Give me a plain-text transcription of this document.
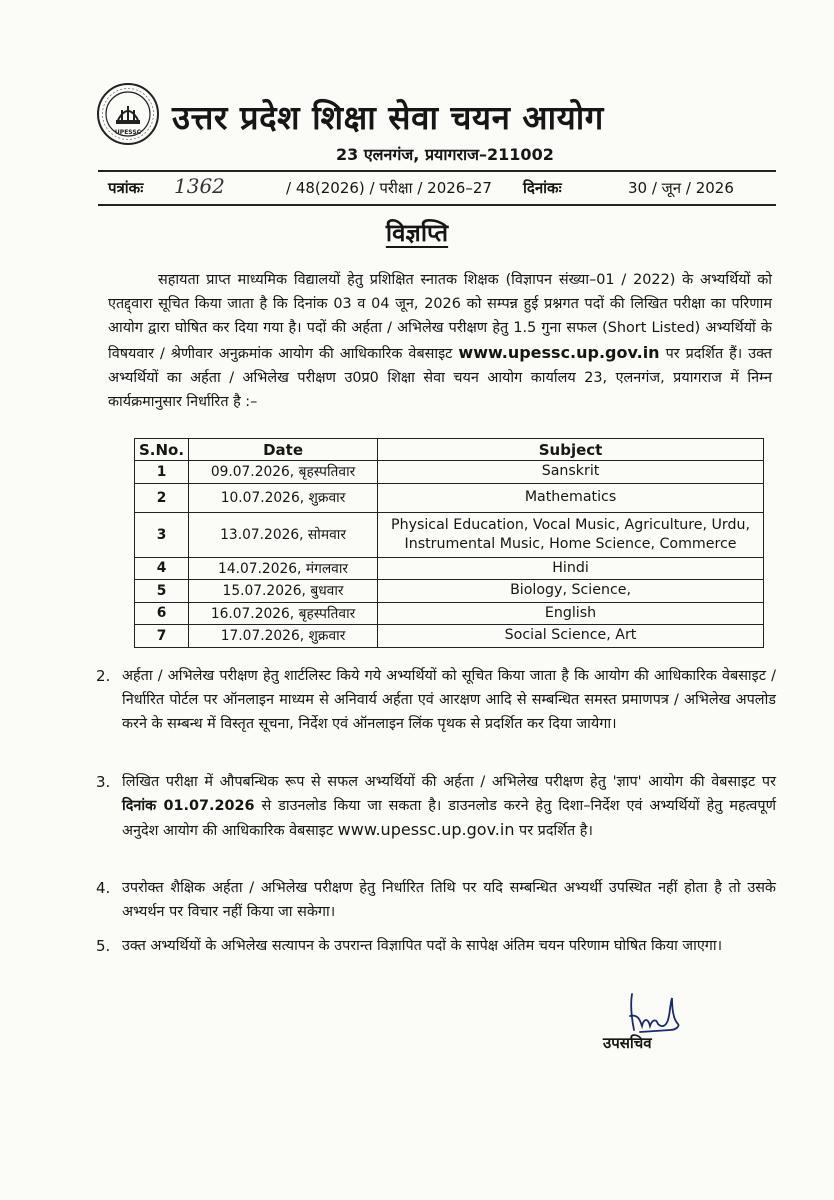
UPESSC उत्तर प्रदेश शिक्षा सेवा चयन आयोग
23 एलनगंज, प्रयागराज–211002
पत्रांकः 1362	/ 48(2026) / परीक्षा / 2026–27 दिनांकः	30 / जून / 2026
विज्ञप्ति
सहायता प्राप्त माध्यमिक विद्यालयों हेतु प्रशिक्षित स्नातक शिक्षक (विज्ञापन संख्या–01 / 2022) के अभ्यर्थियों को एतद्द्वारा सूचित किया जाता है कि दिनांक 03 व 04 जून, 2026 को सम्पन्न हुई प्रश्नगत पदों की लिखित परीक्षा का परिणाम आयोग द्वारा घोषित कर दिया गया है। पदों की अर्हता / अभिलेख परीक्षण हेतु 1.5 गुना सफल (Short Listed) अभ्यर्थियों के विषयवार / श्रेणीवार अनुक्रमांक आयोग की आधिकारिक वेबसाइट www.upessc.up.gov.in पर प्रदर्शित हैं। उक्त अभ्यर्थियों का अर्हता / अभिलेख परीक्षण उ0प्र0 शिक्षा सेवा चयन आयोग कार्यालय 23, एलनगंज, प्रयागराज में निम्न कार्यक्रमानुसार निर्धारित है :–
S.No.	Date	Subject
1	09.07.2026, बृहस्पतिवार	Sanskrit
2	10.07.2026, शुक्रवार	Mathematics
3	13.07.2026, सोमवार	Physical Education, Vocal Music, Agriculture, Urdu, Instrumental Music, Home Science, Commerce
4	14.07.2026, मंगलवार	Hindi
5	15.07.2026, बुधवार	Biology, Science,
6	16.07.2026, बृहस्पतिवार	English
7	17.07.2026, शुक्रवार	Social Science, Art
2. अर्हता / अभिलेख परीक्षण हेतु शार्टलिस्ट किये गये अभ्यर्थियों को सूचित किया जाता है कि आयोग की आधिकारिक वेबसाइट / निर्धारित पोर्टल पर ऑनलाइन माध्यम से अनिवार्य अर्हता एवं आरक्षण आदि से सम्बन्धित समस्त प्रमाणपत्र / अभिलेख अपलोड करने के सम्बन्ध में विस्तृत सूचना, निर्देश एवं ऑनलाइन लिंक पृथक से प्रदर्शित कर दिया जायेगा।
3. लिखित परीक्षा में औपबन्धिक रूप से सफल अभ्यर्थियों की अर्हता / अभिलेख परीक्षण हेतु 'ज्ञाप' आयोग की वेबसाइट पर दिनांक 01.07.2026 से डाउनलोड किया जा सकता है। डाउनलोड करने हेतु दिशा–निर्देश एवं अभ्यर्थियों हेतु महत्वपूर्ण अनुदेश आयोग की आधिकारिक वेबसाइट www.upessc.up.gov.in पर प्रदर्शित है।
4. उपरोक्त शैक्षिक अर्हता / अभिलेख परीक्षण हेतु निर्धारित तिथि पर यदि सम्बन्धित अभ्यर्थी उपस्थित नहीं होता है तो उसके अभ्यर्थन पर विचार नहीं किया जा सकेगा।
5. उक्त अभ्यर्थियों के अभिलेख सत्यापन के उपरान्त विज्ञापित पदों के सापेक्ष अंतिम चयन परिणाम घोषित किया जाएगा।
उपसचिव
